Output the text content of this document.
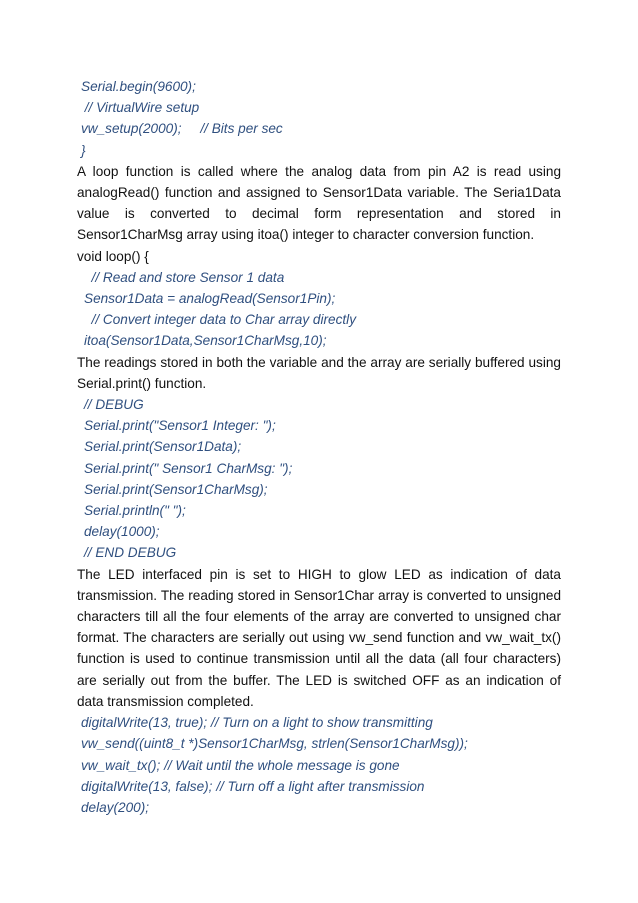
Serial.begin(9600);

// VirtualWire setup

vw_setup(2000);     // Bits per sec

}

A loop function is called where the analog data from pin A2 is read using analogRead() function and assigned to Sensor1Data variable. The Seria1Data value is converted to decimal form representation and stored in Sensor1CharMsg array using itoa() integer to character conversion function.

void loop() {

// Read and store Sensor 1 data

Sensor1Data = analogRead(Sensor1Pin);

// Convert integer data to Char array directly

itoa(Sensor1Data,Sensor1CharMsg,10);

The readings stored in both the variable and the array are serially buffered using Serial.print() function.

// DEBUG

Serial.print("Sensor1 Integer: ");

Serial.print(Sensor1Data);

Serial.print(" Sensor1 CharMsg: ");

Serial.print(Sensor1CharMsg);

Serial.println(" ");

delay(1000);

// END DEBUG

The LED interfaced pin is set to HIGH to glow LED as indication of data transmission. The reading stored in Sensor1Char array is converted to unsigned characters till all the four elements of the array are converted to unsigned char format. The characters are serially out using vw_send function and vw_wait_tx() function is used to continue transmission until all the data (all four characters) are serially out from the buffer. The LED is switched OFF as an indication of data transmission completed.

digitalWrite(13, true); // Turn on a light to show transmitting

vw_send((uint8_t *)Sensor1CharMsg, strlen(Sensor1CharMsg));

vw_wait_tx(); // Wait until the whole message is gone

digitalWrite(13, false); // Turn off a light after transmission

delay(200);
